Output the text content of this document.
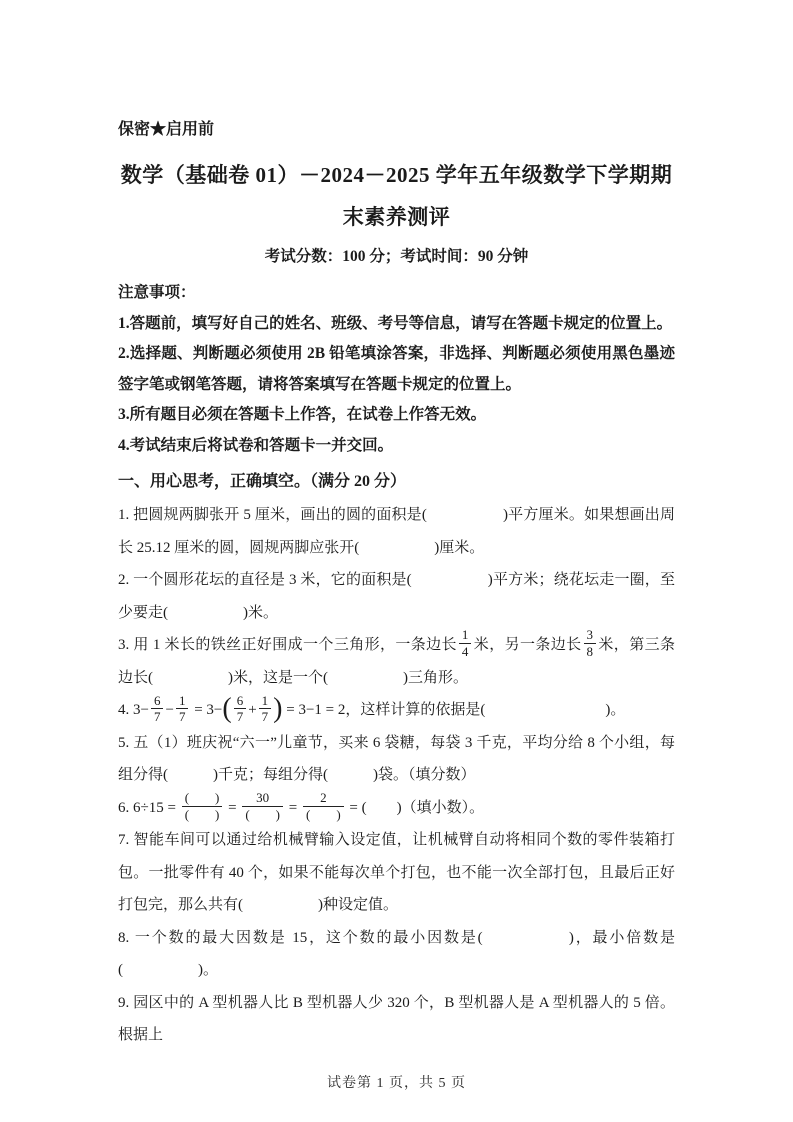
保密★启用前
数学（基础卷 01）－2024－2025 学年五年级数学下学期期
末素养测评
考试分数：100 分；考试时间：90 分钟

注意事项：

1.答题前，填写好自己的姓名、班级、考号等信息，请写在答题卡规定的位置上。

2.选择题、判断题必须使用 2B 铅笔填涂答案，非选择、判断题必须使用黑色墨迹签字笔或钢笔答题，请将答案填写在答题卡规定的位置上。

3.所有题目必须在答题卡上作答，在试卷上作答无效。

4.考试结束后将试卷和答题卡一并交回。

一、用心思考，正确填空。（满分 20 分）

1. 把圆规两脚张开 5 厘米，画出的圆的面积是(　　　　　)平方厘米。如果想画出周长 25.12 厘米的圆，圆规两脚应张开(　　　　　)厘米。

2. 一个圆形花坛的直径是 3 米，它的面积是(　　　　　)平方米；绕花坛走一圈，至少要走(　　　　　)米。

3. 用 1 米长的铁丝正好围成一个三角形，一条边长 $\frac{1}{4}$ 米，另一条边长 $\frac{3}{8}$ 米，第三条边长(　　　　　)米，这是一个(　　　　　)三角形。

4. $3- \frac{6}{7} - \frac{1}{7} = 3-( \frac{6}{7} + \frac{1}{7}$ ) = 3−1 = 2，这样计算的依据是(　　　　　　　　)。

5. 五（1）班庆祝“六一”儿童节，买来 6 袋糖，每袋 3 千克，平均分给 8 个小组，每组分得(　　　)千克；每组分得(　　　)袋。（填分数）

6. $6\div 15 = \frac{( )}{( )} = \frac{30}{( )} = \frac{2}{( )}$ = (　　)（填小数）。

7. 智能车间可以通过给机械臂输入设定值，让机械臂自动将相同个数的零件装箱打包。一批零件有 40 个，如果不能每次单个打包，也不能一次全部打包，且最后正好打包完，那么共有(　　　　　)种设定值。

8. 一个数的最大因数是 15，这个数的最小因数是(　　　　　)，最小倍数是(　　　　　)。

9. 园区中的 A 型机器人比 B 型机器人少 320 个，B 型机器人是 A 型机器人的 5 倍。根据上

试卷第 1 页，共 5 页
